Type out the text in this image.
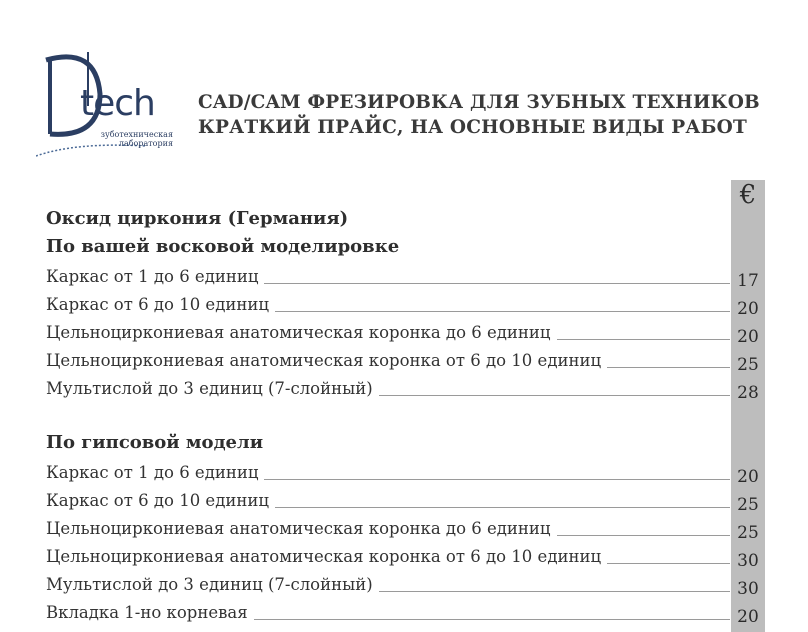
tech
зуботехническая
лаборатория
CAD/CAM ФРЕЗИРОВКА ДЛЯ ЗУБНЫХ ТЕХНИКОВ
КРАТКИЙ ПРАЙС, НА ОСНОВНЫЕ ВИДЫ РАБОТ
€
Оксид циркония (Германия)
По вашей восковой моделировке
Каркас от 1 до 6 единиц	17
Каркас от 6 до 10 единиц	20
Цельноциркониевая анатомическая коронка до 6 единиц	20
Цельноциркониевая анатомическая коронка от 6 до 10 единиц	25
Мультислой до 3 единиц (7-слойный)	28
По гипсовой модели
Каркас от 1 до 6 единиц	20
Каркас от 6 до 10 единиц	25
Цельноциркониевая анатомическая коронка до 6 единиц	25
Цельноциркониевая анатомическая коронка от 6 до 10 единиц	30
Мультислой до 3 единиц (7-слойный)	30
Вкладка 1-но корневая	20
